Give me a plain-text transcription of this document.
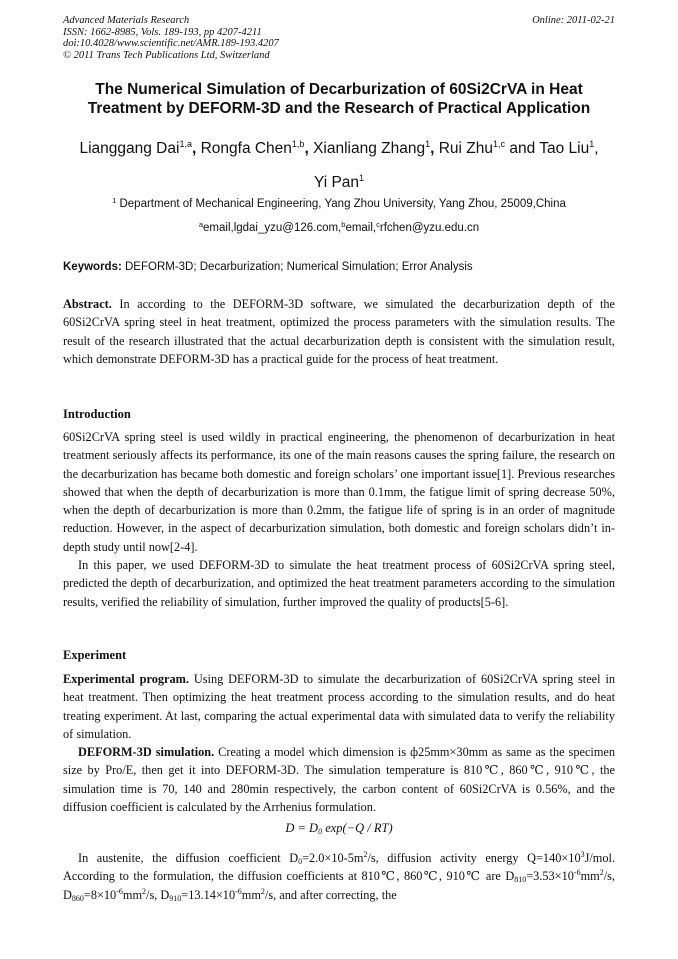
Advanced Materials Research
ISSN: 1662-8985, Vols. 189-193, pp 4207-4211
doi:10.4028/www.scientific.net/AMR.189-193.4207
© 2011 Trans Tech Publications Ltd, Switzerland
Online: 2011-02-21
The Numerical Simulation of Decarburization of 60Si2CrVA in Heat
Treatment by DEFORM-3D and the Research of Practical Application
Lianggang Dai$^{1,a}$, Rongfa Chen$^{1,b}$, Xianliang Zhang$^1$, Rui Zhu$^{1,c}$ and Tao Liu$^1$,
Yi Pan$^1$
$^1$ Department of Mechanical Engineering, Yang Zhou University, Yang Zhou, 25009,China
$^a$email,lgdai_yzu@126.com,$^b$email,$^c$rfchen@yzu.edu.cn
Keywords: DEFORM-3D; Decarburization; Numerical Simulation; Error Analysis

Abstract. In according to the DEFORM-3D software, we simulated the decarburization depth of the 60Si2CrVA spring steel in heat treatment, optimized the process parameters with the simulation results. The result of the research illustrated that the actual decarburization depth is consistent with the simulation result, which demonstrate DEFORM-3D has a practical guide for the process of heat treatment.

Introduction

60Si2CrVA spring steel is used wildly in practical engineering, the phenomenon of decarburization in heat treatment seriously affects its performance, its one of the main reasons causes the spring failure, the research on the decarburization has became both domestic and foreign scholars’ one important issue[1]. Previous researches showed that when the depth of decarburization is more than 0.1mm, the fatigue limit of spring decrease 50%, when the depth of decarburization is more than 0.2mm, the fatigue life of spring is in an order of magnitude reduction. However, in the aspect of decarburization simulation, both domestic and foreign scholars didn’t in-depth study until now[2-4].

In this paper, we used DEFORM-3D to simulate the heat treatment process of 60Si2CrVA spring steel, predicted the depth of decarburization, and optimized the heat treatment parameters according to the simulation results, verified the reliability of simulation, further improved the quality of products[5-6].

Experiment

Experimental program. Using DEFORM-3D to simulate the decarburization of 60Si2CrVA spring steel in heat treatment. Then optimizing the heat treatment process according to the simulation results, and do heat treating experiment. At last, comparing the actual experimental data with simulated data to verify the reliability of simulation.

DEFORM-3D simulation. Creating a model which dimension is ф25mm×30mm as same as the specimen size by Pro/E, then get it into DEFORM-3D. The simulation temperature is 810℃, 860℃, 910℃, the simulation time is 70, 140 and 280min respectively, the carbon content of 60Si2CrVA is 0.56%, and the diffusion coefficient is calculated by the Arrhenius formulation.

$D = D_0$ exp(−Q / RT)

In austenite, the diffusion coefficient $D_0=2.0\times 10-5m^2/s$, diffusion activity energy $Q=140\times 10^3J$/mol. According to the formulation, the diffusion coefficients at 810℃, 860℃, 910℃ are $D_{810}=3.53\times 10^{-6}mm^2/s$, $D_{860}=8\times 10^{-6}mm^2/s$, $D_{910}=13.14\times 10^{-6}mm^2/s$, and after correcting, the
